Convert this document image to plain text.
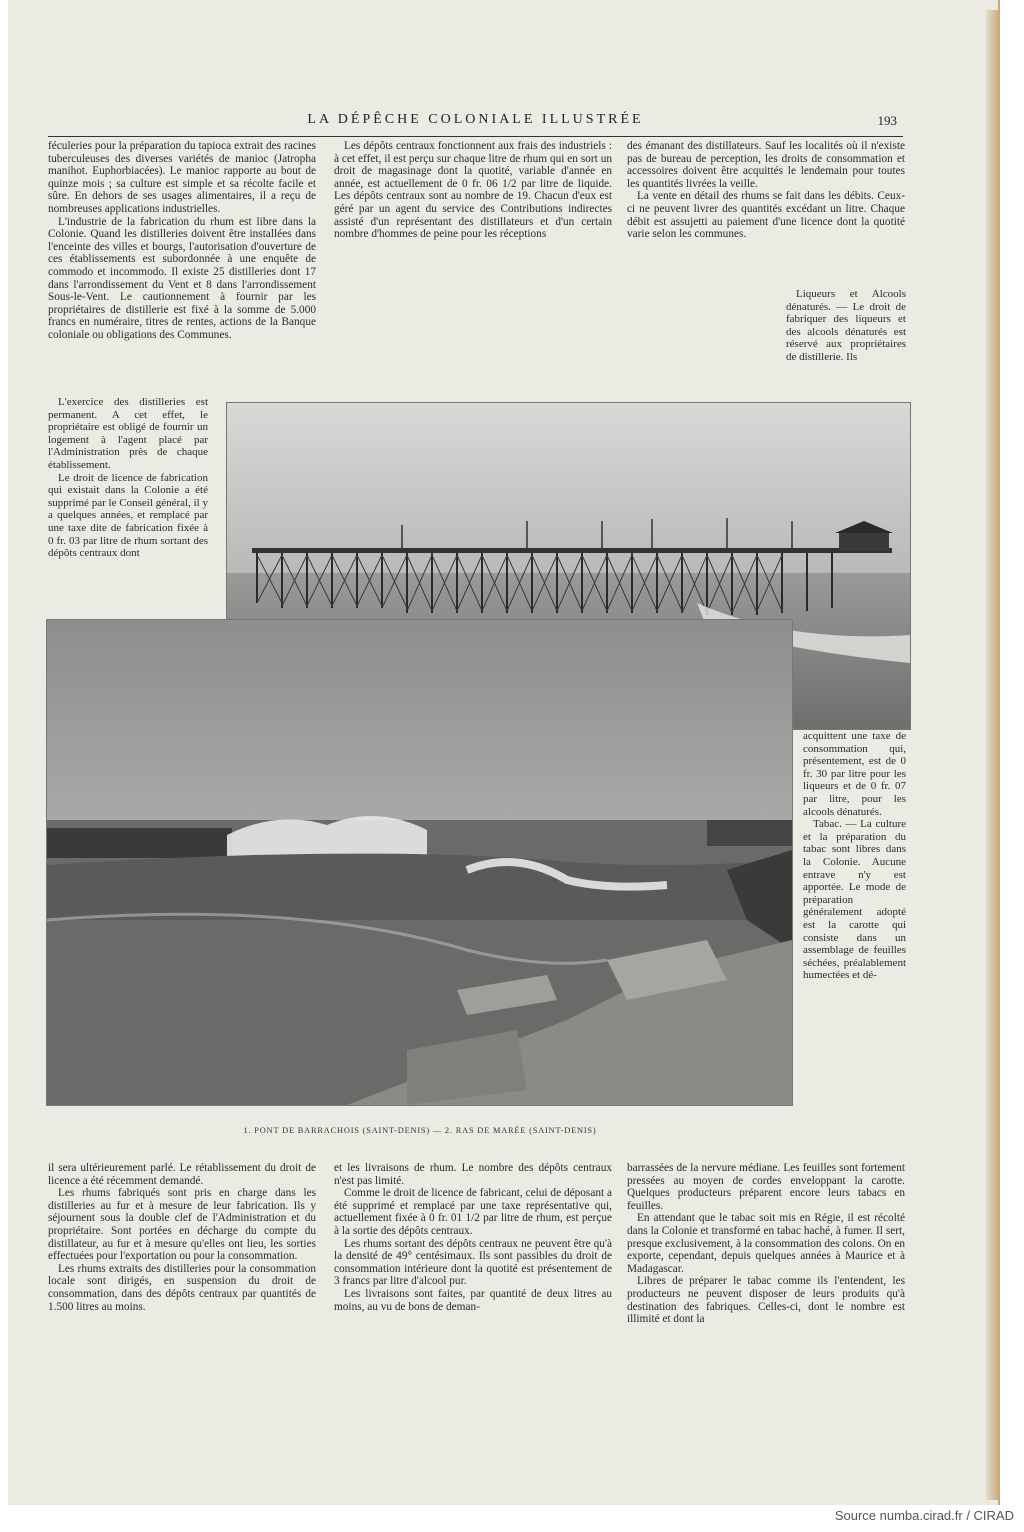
LA DÉPÊCHE COLONIALE ILLUSTRÉE	193

féculeries pour la préparation du tapioca extrait des racines tuberculeuses des diverses variétés de manioc (Jatropha manihot. Euphorbiacées). Le manioc rapporte au bout de quinze mois ; sa culture est simple et sa récolte facile et sûre. En dehors de ses usages alimentaires, il a reçu de nombreuses applications industrielles.

L'industrie de la fabrication du rhum est libre dans la Colonie. Quand les distilleries doivent être installées dans l'enceinte des villes et bourgs, l'autorisation d'ouverture de ces établissements est subordonnée à une enquête de commodo et incommodo. Il existe 25 distilleries dont 17 dans l'arrondissement du Vent et 8 dans l'arrondissement Sous-le-Vent. Le cautionnement à fournir par les propriétaires de distillerie est fixé à la somme de 5.000 francs en numéraire, titres de rentes, actions de la Banque coloniale ou obligations des Communes.

L'exercice des distilleries est permanent. A cet effet, le propriétaire est obligé de fournir un logement à l'agent placé par l'Administration près de chaque établissement.

Le droit de licence de fabrication qui existait dans la Colonie a été supprimé par le Conseil général, il y a quelques années, et remplacé par une taxe dite de fabrication fixée à 0 fr. 03 par litre de rhum sortant des dépôts centraux dont

Les dépôts centraux fonctionnent aux frais des industriels : à cet effet, il est perçu sur chaque litre de rhum qui en sort un droit de magasinage dont la quotité, variable d'année en année, est actuellement de 0 fr. 06 1/2 par litre de liquide. Les dépôts centraux sont au nombre de 19. Chacun d'eux est géré par un agent du service des Contributions indirectes assisté d'un représentant des distillateurs et d'un certain nombre d'hommes de peine pour les réceptions

des émanant des distillateurs. Sauf les localités où il n'existe pas de bureau de perception, les droits de consommation et accessoires doivent être acquittés le lendemain pour toutes les quantités livrées la veille.

La vente en détail des rhums se fait dans les débits. Ceux-ci ne peuvent livrer des quantités excédant un litre. Chaque débit est assujetti au paiement d'une licence dont la quotité varie selon les communes.

Liqueurs et Alcools dénaturés. — Le droit de fabriquer des liqueurs et des alcools dénaturés est réservé aux propriétaires de distillerie. Ils

acquittent une taxe de consommation qui, présentement, est de 0 fr. 30 par litre pour les liqueurs et de 0 fr. 07 par litre, pour les alcools dénaturés.

Tabac. — La culture et la préparation du tabac sont libres dans la Colonie. Aucune entrave n'y est apportée. Le mode de préparation généralement adopté est la carotte qui consiste dans un assemblage de feuilles séchées, préalablement humectées et dé-

1. PONT DE BARRACHOIS (SAINT-DENIS) — 2. RAS DE MARÉE (SAINT-DENIS)

il sera ultérieurement parlé. Le rétablissement du droit de licence a été récemment demandé.

Les rhums fabriqués sont pris en charge dans les distilleries au fur et à mesure de leur fabrication. Ils y séjournent sous la double clef de l'Administration et du propriétaire. Sont portées en décharge du compte du distillateur, au fur et à mesure qu'elles ont lieu, les sorties effectuées pour l'exportation ou pour la consommation.

Les rhums extraits des distilleries pour la consommation locale sont dirigés, en suspension du droit de consommation, dans des dépôts centraux par quantités de 1.500 litres au moins.

et les livraisons de rhum. Le nombre des dépôts centraux n'est pas limité.

Comme le droit de licence de fabricant, celui de déposant a été supprimé et remplacé par une taxe représentative qui, actuellement fixée à 0 fr. 01 1/2 par litre de rhum, est perçue à la sortie des dépôts centraux.

Les rhums sortant des dépôts centraux ne peuvent être qu'à la densité de 49° centésimaux. Ils sont passibles du droit de consommation intérieure dont la quotité est présentement de 3 francs par litre d'alcool pur.

Les livraisons sont faites, par quantité de deux litres au moins, au vu de bons de deman-

barrassées de la nervure médiane. Les feuilles sont fortement pressées au moyen de cordes enveloppant la carotte. Quelques producteurs préparent encore leurs tabacs en feuilles.

En attendant que le tabac soit mis en Régie, il est récolté dans la Colonie et transformé en tabac haché, à fumer. Il sert, presque exclusivement, à la consommation des colons. On en exporte, cependant, depuis quelques années à Maurice et à Madagascar.

Libres de préparer le tabac comme ils l'entendent, les producteurs ne peuvent disposer de leurs produits qu'à destination des fabriques. Celles-ci, dont le nombre est illimité et dont la

Source numba.cirad.fr / CIRAD
